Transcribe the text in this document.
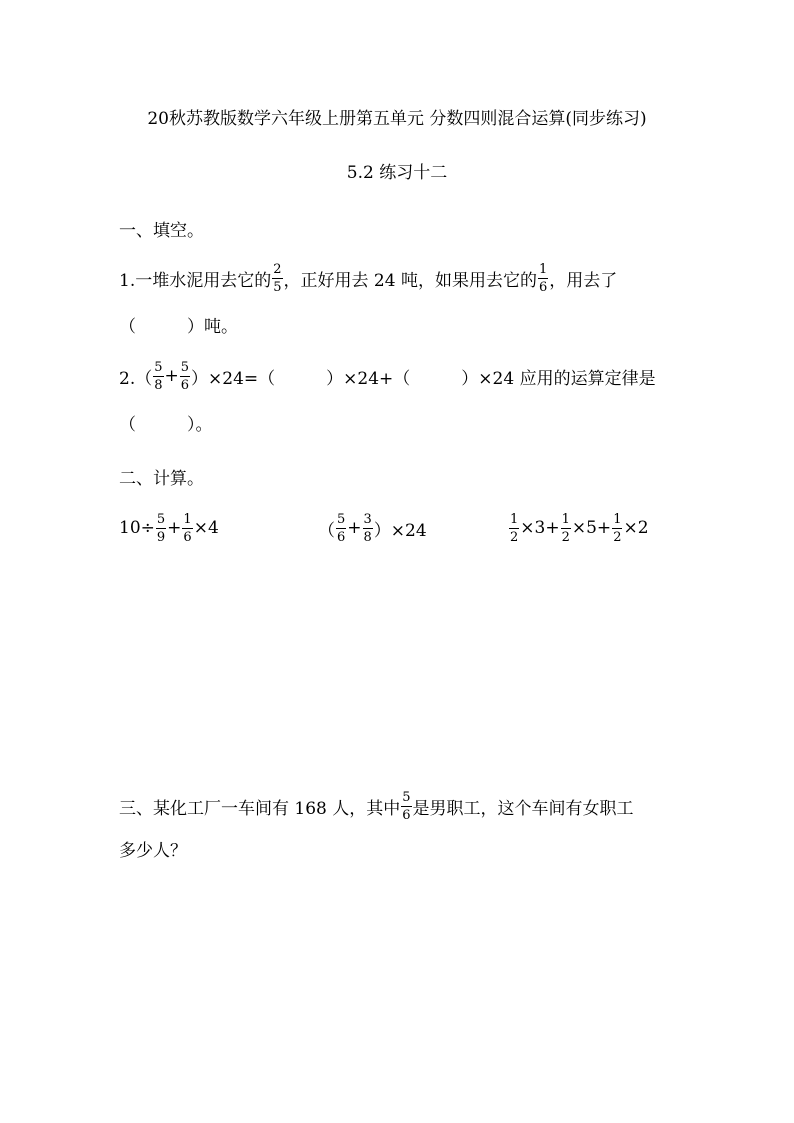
20秋苏教版数学六年级上册第五单元 分数四则混合运算(同步练习)
5.2 练习十二
一、填空。
1.一堆水泥用去它的 $\frac{2}{5}$ ，正好用去 24 吨，如果用去它的 $\frac{1}{6}$ ，用去了
（　　　）吨。
$2.( \frac{5}{8} + \frac{5}{6} )\times 24=$（　　　）×24+（　　　）×24 应用的运算定律是
（　　　）。
二、计算。
$10\div \frac{5}{9} + \frac{1}{6} \times 4$	（ $\frac{5}{6} + \frac{3}{8} )\times 24$	$\frac{1}{2} \times 3+ \frac{1}{2} \times 5+ \frac{1}{2} \times 2$
三、某化工厂一车间有 168 人，其中 $\frac{5}{6}$ 是男职工，这个车间有女职工
多少人？
